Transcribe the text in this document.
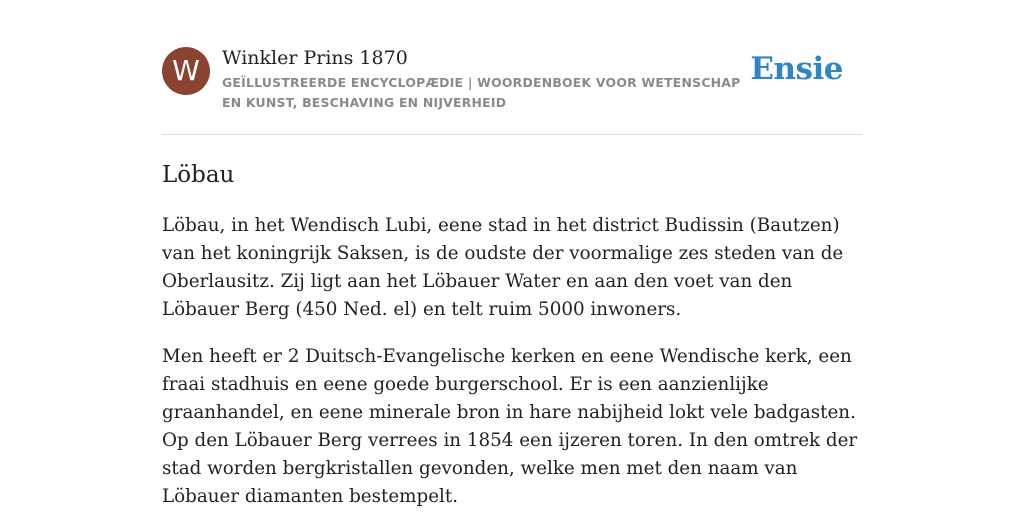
W	Winkler Prins 1870
GEÏLLUSTREERDE ENCYCLOPÆDIE | WOORDENBOEK VOOR WETENSCHAP EN KUNST, BESCHAVING EN NIJVERHEID
Ensie
Löbau

Löbau, in het Wendisch Lubi, eene stad in het district Budissin (Bautzen) van het koningrijk Saksen, is de oudste der voormalige zes steden van de Oberlausitz. Zij ligt aan het Löbauer Water en aan den voet van den Löbauer Berg (450 Ned. el) en telt ruim 5000 inwoners.

Men heeft er 2 Duitsch-Evangelische kerken en eene Wendische kerk, een fraai stadhuis en eene goede burgerschool. Er is een aanzienlijke graanhandel, en eene minerale bron in hare nabijheid lokt vele badgasten. Op den Löbauer Berg verrees in 1854 een ijzeren toren. In den omtrek der stad worden bergkristallen gevonden, welke men met den naam van Löbauer diamanten bestempelt.
